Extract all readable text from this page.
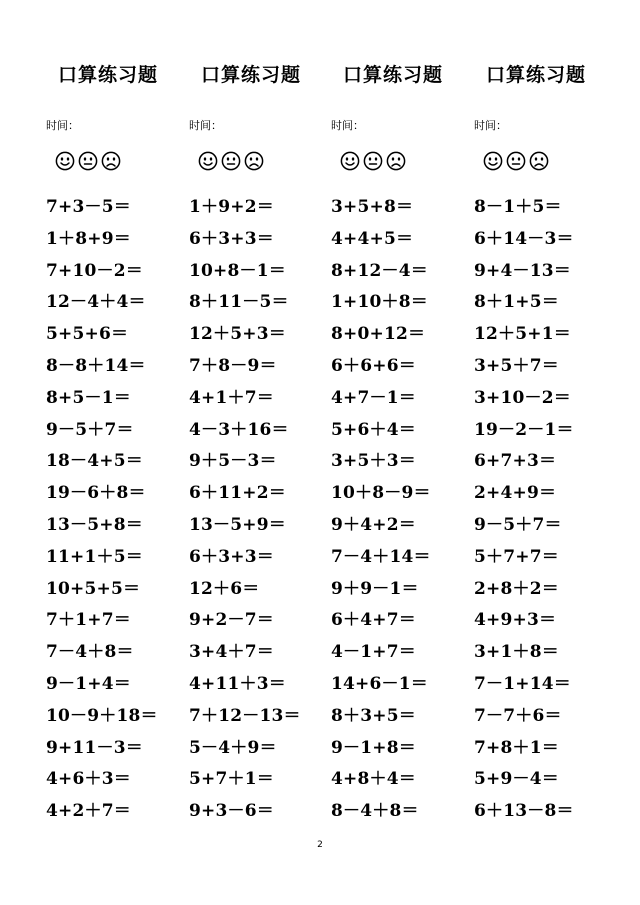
口算练习题
时间：
7+3－5＝
1＋8+9＝
7+10－2＝
12－4＋4＝
5+5+6＝
8－8＋14＝
8+5－1＝
9－5＋7＝
18－4+5＝
19－6＋8＝
13－5+8＝
11+1＋5＝
10+5+5＝
7＋1+7＝
7－4＋8＝
9－1+4＝
10－9＋18＝
9+11－3＝
4+6＋3＝
4+2＋7＝
口算练习题
时间：
1＋9+2＝
6＋3+3＝
10+8－1＝
8＋11－5＝
12＋5+3＝
7＋8－9＝
4+1＋7＝
4－3＋16＝
9＋5－3＝
6＋11+2＝
13－5+9＝
6＋3+3＝
12＋6＝
9+2－7＝
3+4＋7＝
4+11＋3＝
7＋12－13＝
5－4＋9＝
5+7＋1＝
9+3－6＝
口算练习题
时间：
3+5+8＝
4+4+5＝
8+12－4＝
1+10＋8＝
8+0+12＝
6＋6+6＝
4+7－1＝
5+6＋4＝
3+5＋3＝
10＋8－9＝
9＋4+2＝
7－4＋14＝
9＋9－1＝
6＋4+7＝
4－1+7＝
14+6－1＝
8＋3+5＝
9－1+8＝
4+8＋4＝
8－4＋8＝
口算练习题
时间：
8－1＋5＝
6＋14－3＝
9+4－13＝
8＋1+5＝
12＋5+1＝
3+5＋7＝
3+10－2＝
19－2－1＝
6+7+3＝
2+4+9＝
9－5＋7＝
5＋7+7＝
2+8＋2＝
4+9+3＝
3+1＋8＝
7－1+14＝
7－7＋6＝
7+8＋1＝
5+9－4＝
6＋13－8＝
2
